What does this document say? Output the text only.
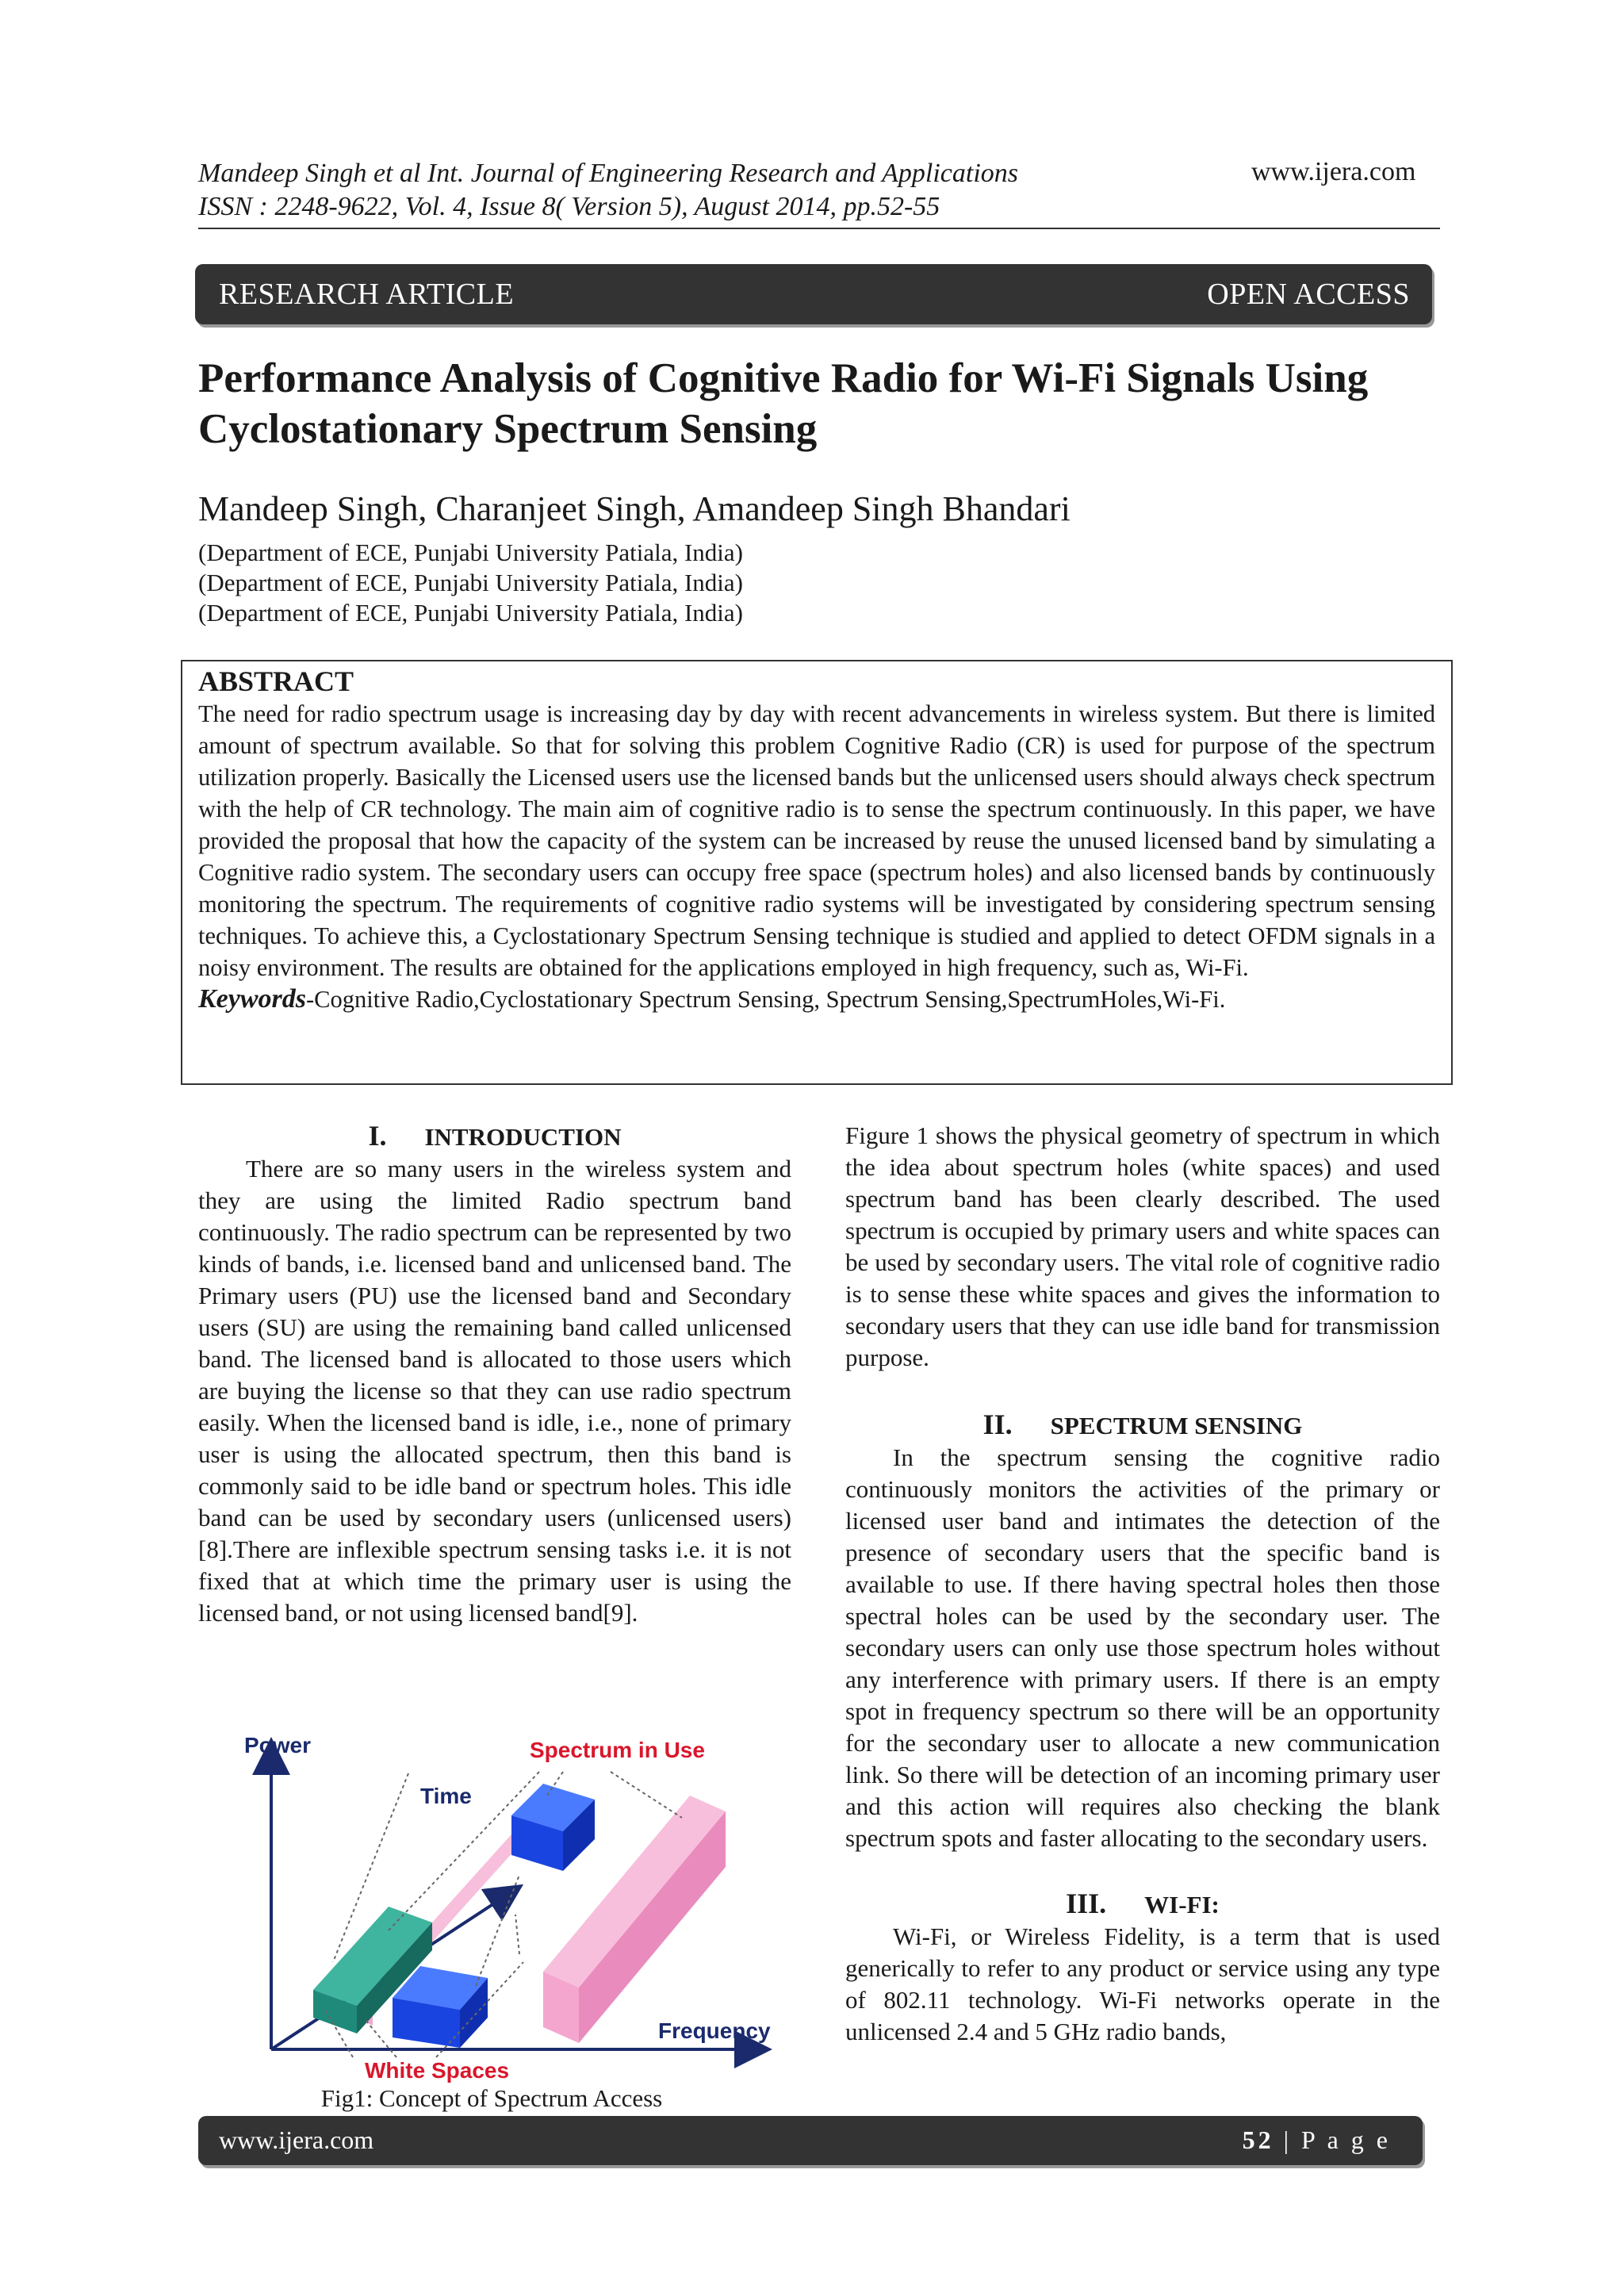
Mandeep Singh et al Int. Journal of Engineering Research and Applications	www.ijera.com
ISSN : 2248-9622, Vol. 4, Issue 8( Version 5), August 2014, pp.52-55
RESEARCH ARTICLE	OPEN ACCESS
Performance Analysis of Cognitive Radio for Wi-Fi Signals Using Cyclostationary Spectrum Sensing
Mandeep Singh, Charanjeet Singh, Amandeep Singh Bhandari
(Department of ECE, Punjabi University Patiala, India)
(Department of ECE, Punjabi University Patiala, India)
(Department of ECE, Punjabi University Patiala, India)
ABSTRACT

The need for radio spectrum usage is increasing day by day with recent advancements in wireless system. But there is limited amount of spectrum available. So that for solving this problem Cognitive Radio (CR) is used for purpose of the spectrum utilization properly. Basically the Licensed users use the licensed bands but the unlicensed users should always check spectrum with the help of CR technology. The main aim of cognitive radio is to sense the spectrum continuously. In this paper, we have provided the proposal that how the capacity of the system can be increased by reuse the unused licensed band by simulating a Cognitive radio system. The secondary users can occupy free space (spectrum holes) and also licensed bands by continuously monitoring the spectrum. The requirements of cognitive radio systems will be investigated by considering spectrum sensing techniques. To achieve this, a Cyclostationary Spectrum Sensing technique is studied and applied to detect OFDM signals in a noisy environment. The results are obtained for the applications employed in high frequency, such as, Wi-Fi.

Keywords-Cognitive Radio,Cyclostationary Spectrum Sensing, Spectrum Sensing,SpectrumHoles,Wi-Fi.
I. INTRODUCTION

There are so many users in the wireless system and they are using the limited Radio spectrum band continuously. The radio spectrum can be represented by two kinds of bands, i.e. licensed band and unlicensed band. The Primary users (PU) use the licensed band and Secondary users (SU) are using the remaining band called unlicensed band. The licensed band is allocated to those users which are buying the license so that they can use radio spectrum easily. When the licensed band is idle, i.e., none of primary user is using the allocated spectrum, then this band is commonly said to be idle band or spectrum holes. This idle band can be used by secondary users (unlicensed users)[8].There are inflexible spectrum sensing tasks i.e. it is not fixed that at which time the primary user is using the licensed band, or not using licensed band[9].

Power
Time
Spectrum in Use
Frequency
White Spaces
Fig1: Concept of Spectrum Access

Figure 1 shows the physical geometry of spectrum in which the idea about spectrum holes (white spaces) and used spectrum band has been clearly described. The used spectrum is occupied by primary users and white spaces can be used by secondary users. The vital role of cognitive radio is to sense these white spaces and gives the information to secondary users that they can use idle band for transmission purpose.

II. SPECTRUM SENSING

In the spectrum sensing the cognitive radio continuously monitors the activities of the primary or licensed user band and intimates the detection of the presence of secondary users that the specific band is available to use. If there having spectral holes then those spectral holes can be used by the secondary user. The secondary users can only use those spectrum holes without any interference with primary users. If there is an empty spot in frequency spectrum so there will be an opportunity for the secondary user to allocate a new communication link. So there will be detection of an incoming primary user and this action will requires also checking the blank spectrum spots and faster allocating to the secondary users.

III. WI-FI:

Wi-Fi, or Wireless Fidelity, is a term that is used generically to refer to any product or service using any type of 802.11 technology. Wi-Fi networks operate in the unlicensed 2.4 and 5 GHz radio bands,

www.ijera.com	52 | P a g e
